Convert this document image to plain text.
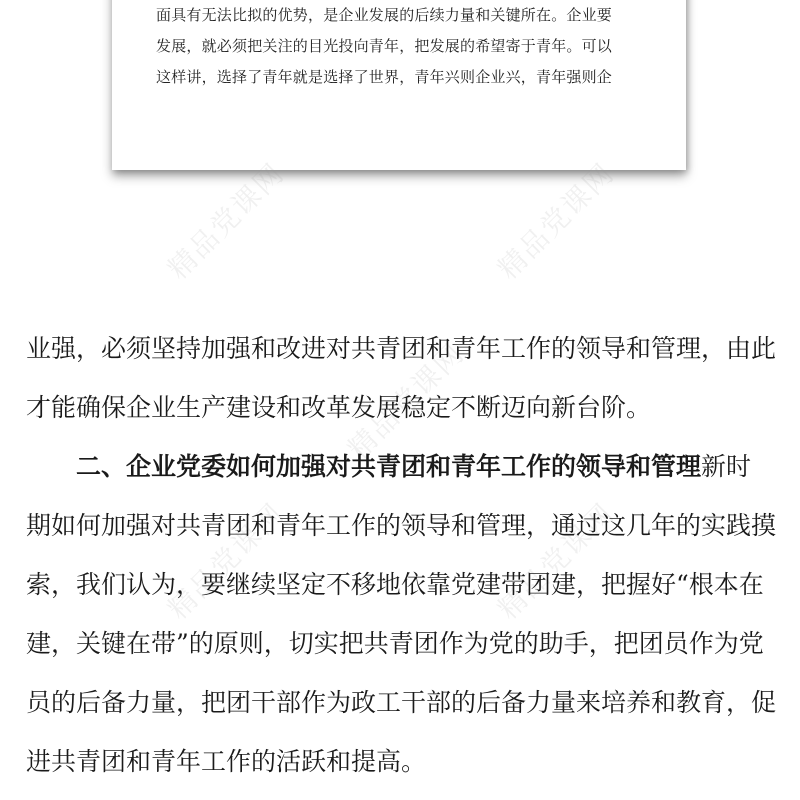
面具有无法比拟的优势，是企业发展的后续力量和关键所在。企业要
发展，就必须把关注的目光投向青年，把发展的希望寄于青年。可以
这样讲，选择了青年就是选择了世界，青年兴则企业兴，青年强则企
精品党课网	精品党课网
精品党课网
精品党课网	精品党课网
业强，必须坚持加强和改进对共青团和青年工作的领导和管理，由此
才能确保企业生产建设和改革发展稳定不断迈向新台阶。
二、企业党委如何加强对共青团和青年工作的领导和管理新时
期如何加强对共青团和青年工作的领导和管理，通过这几年的实践摸
索，我们认为，要继续坚定不移地依靠党建带团建，把握好“根本在
建，关键在带”的原则，切实把共青团作为党的助手，把团员作为党
员的后备力量，把团干部作为政工干部的后备力量来培养和教育，促
进共青团和青年工作的活跃和提高。
